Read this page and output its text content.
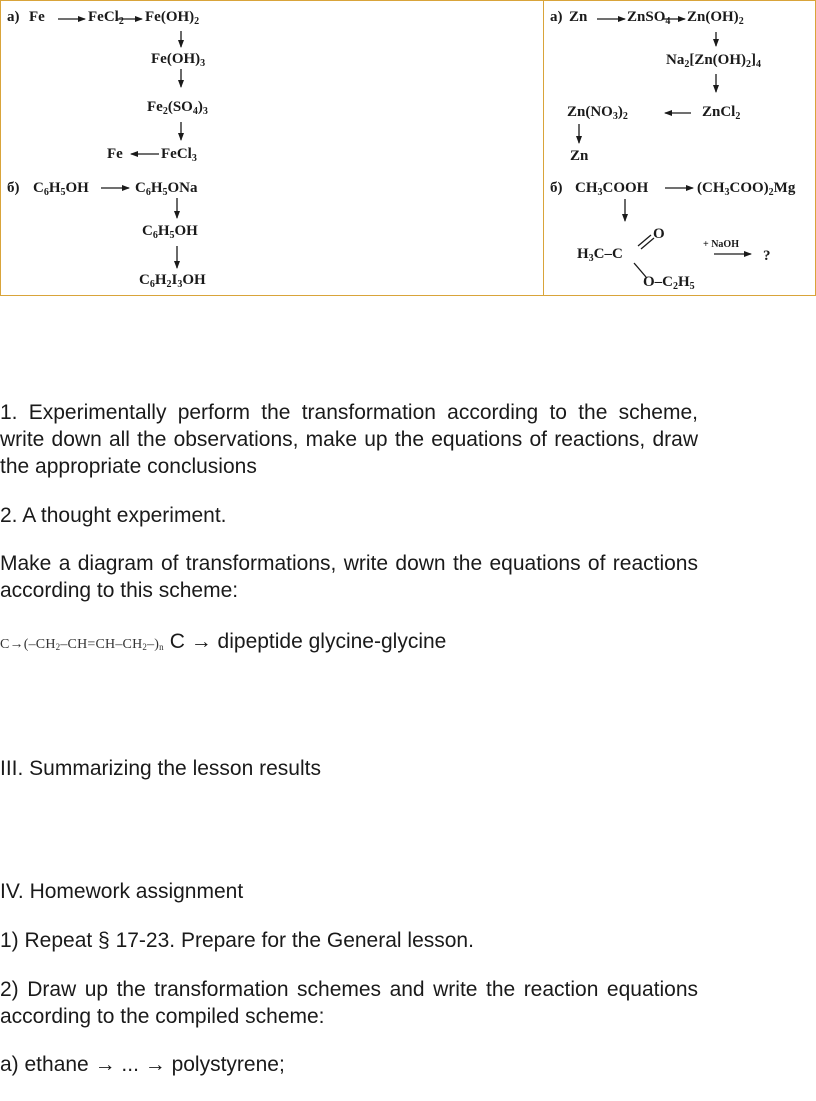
a) Fe	FeCl$_2$ $Fe(OH)_2$
$Fe(OH)_3$
$Fe_2(SO_4)_3$
Fe	FeCl$_3$
б) $C_6H_5OH$	$C_6H_5ONa$
$C_6H_5OH$
$C_6H_2I_3OH$
a) Zn	ZnSO$_4$ $Zn(OH)_2$
$Na_2[Zn(OH)_2]_4$
ZnCl$_2$
$Zn(NO_3)_2$
Zn
б) $CH_3COOH$	$(CH_3COO)_2Mg$
$H_3C-C$
O
$O-C_2H_5$
+ NaOH
?

1. Experimentally perform the transformation according to the scheme, write down all the observations, make up the equations of reactions, draw the appropriate conclusions

2. A thought experiment.

Make a diagram of transformations, write down the equations of reactions according to this scheme:

$C\to(-CH_2-CH=CH-CH_2-)_n$ C → dipeptide glycine-glycine

III. Summarizing the lesson results

IV. Homework assignment

1) Repeat § 17-23. Prepare for the General lesson.

2) Draw up the transformation schemes and write the reaction equations according to the compiled scheme:

a) ethane → ... → polystyrene;
